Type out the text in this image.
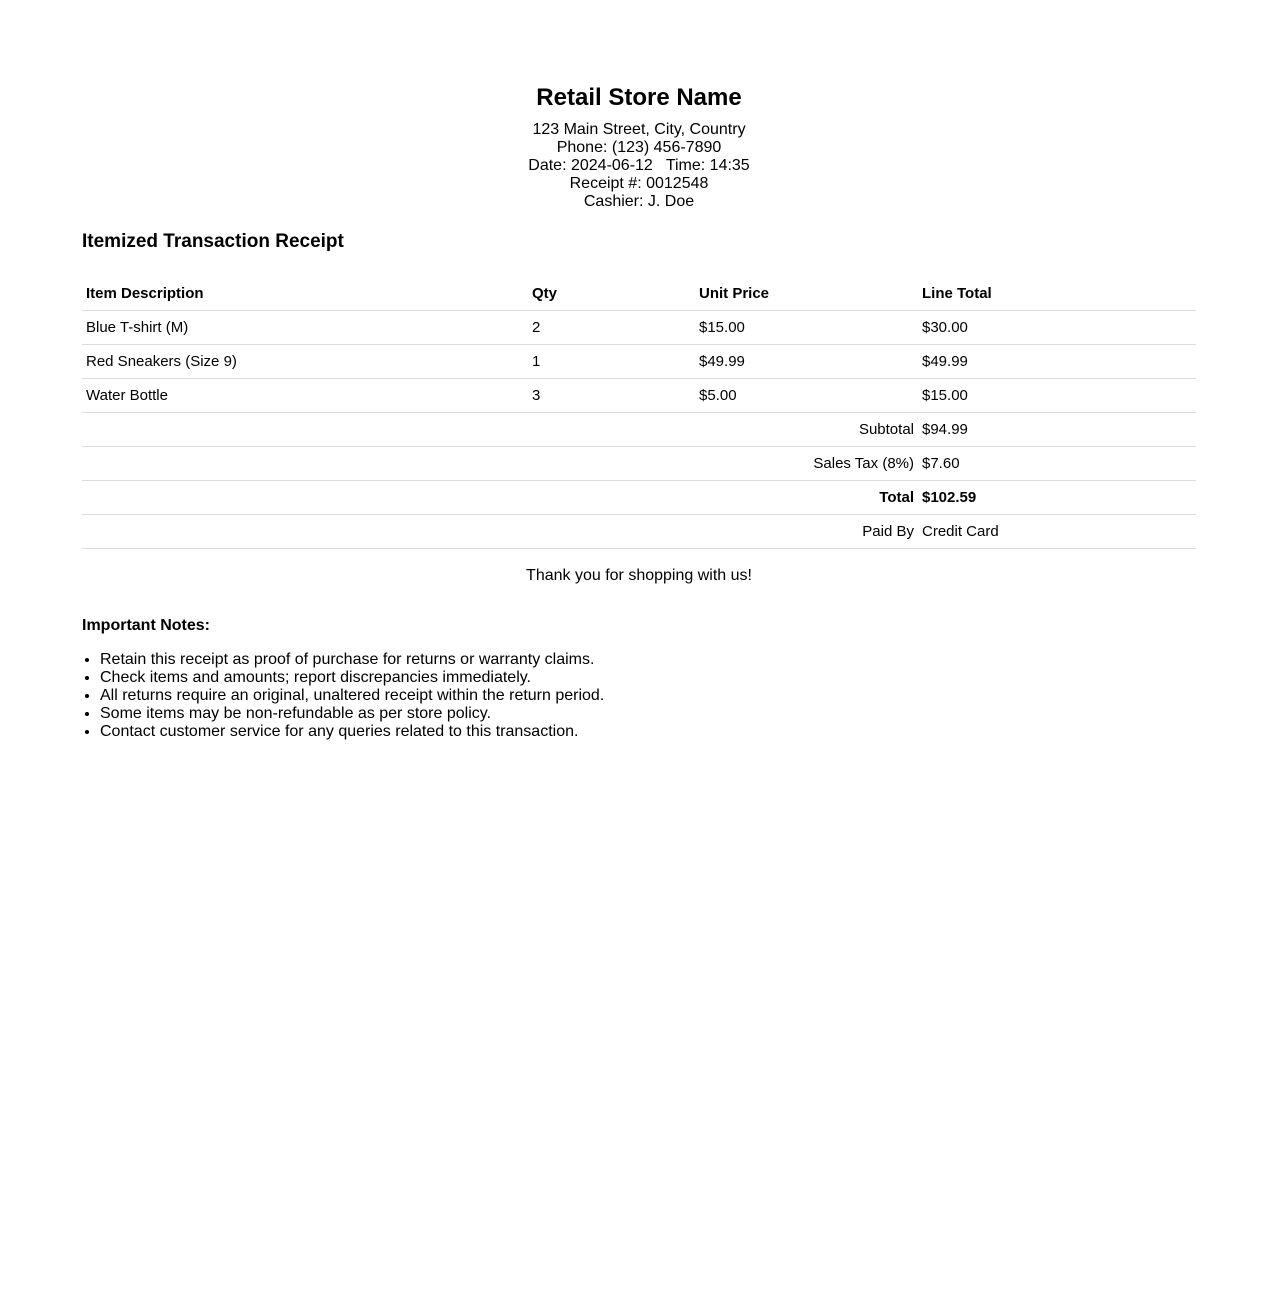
Retail Store Name
123 Main Street, City, Country
Phone: (123) 456-7890
Date: 2024-06-12 Time: 14:35
Receipt #: 0012548
Cashier: J. Doe
Itemized Transaction Receipt
Item Description	Qty	Unit Price	Line Total
Blue T-shirt (M)	2	$15.00	$30.00
Red Sneakers (Size 9)	1	$49.99	$49.99
Water Bottle	3	$5.00	$15.00
Subtotal			$94.99
Sales Tax (8%)			$7.60
Total			$102.59
Paid By			Credit Card
Thank you for shopping with us!
Important Notes:
• Retain this receipt as proof of purchase for returns or warranty claims.
• Check items and amounts; report discrepancies immediately.
• All returns require an original, unaltered receipt within the return period.
• Some items may be non-refundable as per store policy.
• Contact customer service for any queries related to this transaction.
